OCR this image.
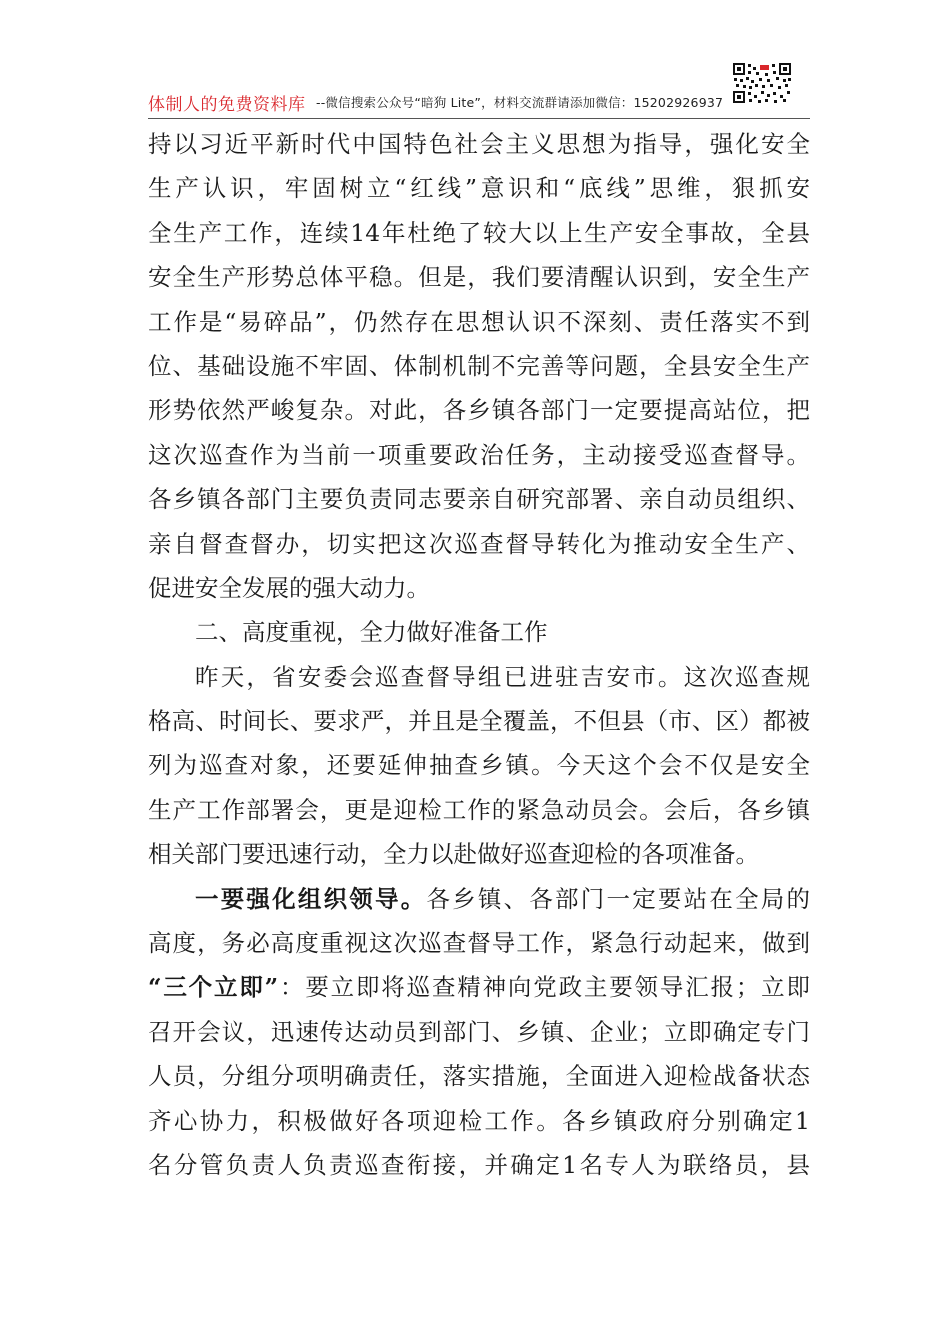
体制人的免费资料库 --微信搜索公众号“暗狗 Lite”，材料交流群请添加微信：15202926937
持以习近平新时代中国特色社会主义思想为指导，强化安全
生产认识，牢固树立“红线”意识和“底线”思维，狠抓安
全生产工作，连续14年杜绝了较大以上生产安全事故，全县
安全生产形势总体平稳。但是，我们要清醒认识到，安全生产
工作是“易碎品”，仍然存在思想认识不深刻、责任落实不到
位、基础设施不牢固、体制机制不完善等问题，全县安全生产
形势依然严峻复杂。对此，各乡镇各部门一定要提高站位，把
这次巡查作为当前一项重要政治任务，主动接受巡查督导。
各乡镇各部门主要负责同志要亲自研究部署、亲自动员组织、
亲自督查督办，切实把这次巡查督导转化为推动安全生产、
促进安全发展的强大动力。
二、高度重视，全力做好准备工作
昨天，省安委会巡查督导组已进驻吉安市。这次巡查规
格高、时间长、要求严，并且是全覆盖，不但县（市、区）都被
列为巡查对象，还要延伸抽查乡镇。今天这个会不仅是安全
生产工作部署会，更是迎检工作的紧急动员会。会后，各乡镇
相关部门要迅速行动，全力以赴做好巡查迎检的各项准备。
一要强化组织领导。各乡镇、各部门一定要站在全局的
高度，务必高度重视这次巡查督导工作，紧急行动起来，做到
“三个立即”：要立即将巡查精神向党政主要领导汇报；立即
召开会议，迅速传达动员到部门、乡镇、企业；立即确定专门
人员，分组分项明确责任，落实措施，全面进入迎检战备状态
齐心协力，积极做好各项迎检工作。各乡镇政府分别确定1
名分管负责人负责巡查衔接，并确定1名专人为联络员，县
